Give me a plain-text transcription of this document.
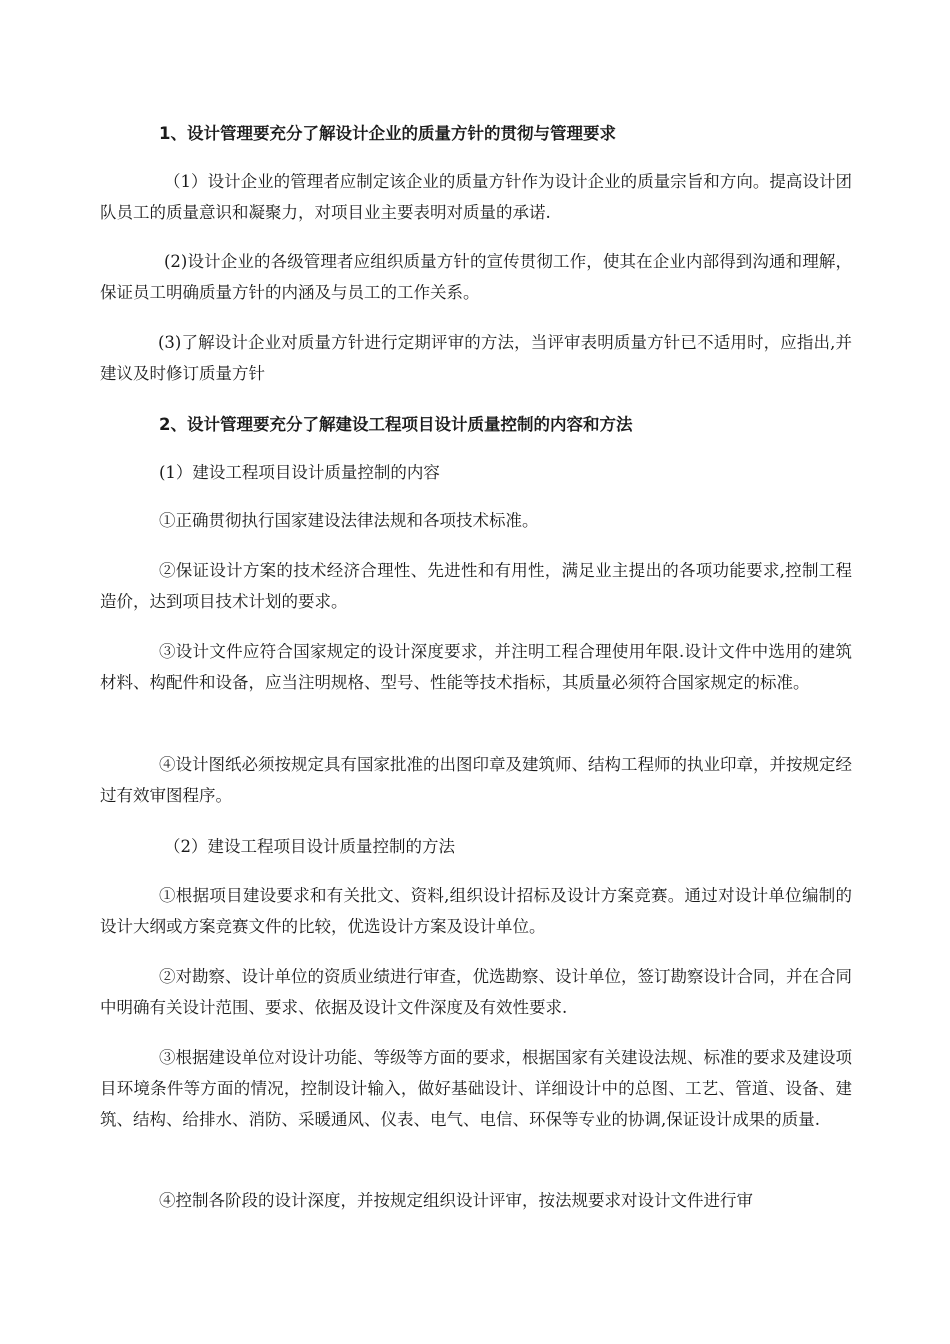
1、设计管理要充分了解设计企业的质量方针的贯彻与管理要求

（1）设计企业的管理者应制定该企业的质量方针作为设计企业的质量宗旨和方向。提高设计团队员工的质量意识和凝聚力，对项目业主要表明对质量的承诺.

(2)设计企业的各级管理者应组织质量方针的宣传贯彻工作，使其在企业内部得到沟通和理解，保证员工明确质量方针的内涵及与员工的工作关系。

(3)了解设计企业对质量方针进行定期评审的方法，当评审表明质量方针已不适用时，应指出,并建议及时修订质量方针

2、设计管理要充分了解建设工程项目设计质量控制的内容和方法

(1）建设工程项目设计质量控制的内容

①正确贯彻执行国家建设法律法规和各项技术标准。

②保证设计方案的技术经济合理性、先进性和有用性，满足业主提出的各项功能要求,控制工程造价，达到项目技术计划的要求。

③设计文件应符合国家规定的设计深度要求，并注明工程合理使用年限.设计文件中选用的建筑材料、构配件和设备，应当注明规格、型号、性能等技术指标，其质量必须符合国家规定的标准。

④设计图纸必须按规定具有国家批准的出图印章及建筑师、结构工程师的执业印章，并按规定经过有效审图程序。

（2）建设工程项目设计质量控制的方法

①根据项目建设要求和有关批文、资料,组织设计招标及设计方案竞赛。通过对设计单位编制的设计大纲或方案竞赛文件的比较，优选设计方案及设计单位。

②对勘察、设计单位的资质业绩进行审查，优选勘察、设计单位，签订勘察设计合同，并在合同中明确有关设计范围、要求、依据及设计文件深度及有效性要求.

③根据建设单位对设计功能、等级等方面的要求，根据国家有关建设法规、标准的要求及建设项目环境条件等方面的情况，控制设计输入，做好基础设计、详细设计中的总图、工艺、管道、设备、建筑、结构、给排水、消防、采暖通风、仪表、电气、电信、环保等专业的协调,保证设计成果的质量.

④控制各阶段的设计深度，并按规定组织设计评审，按法规要求对设计文件进行审
